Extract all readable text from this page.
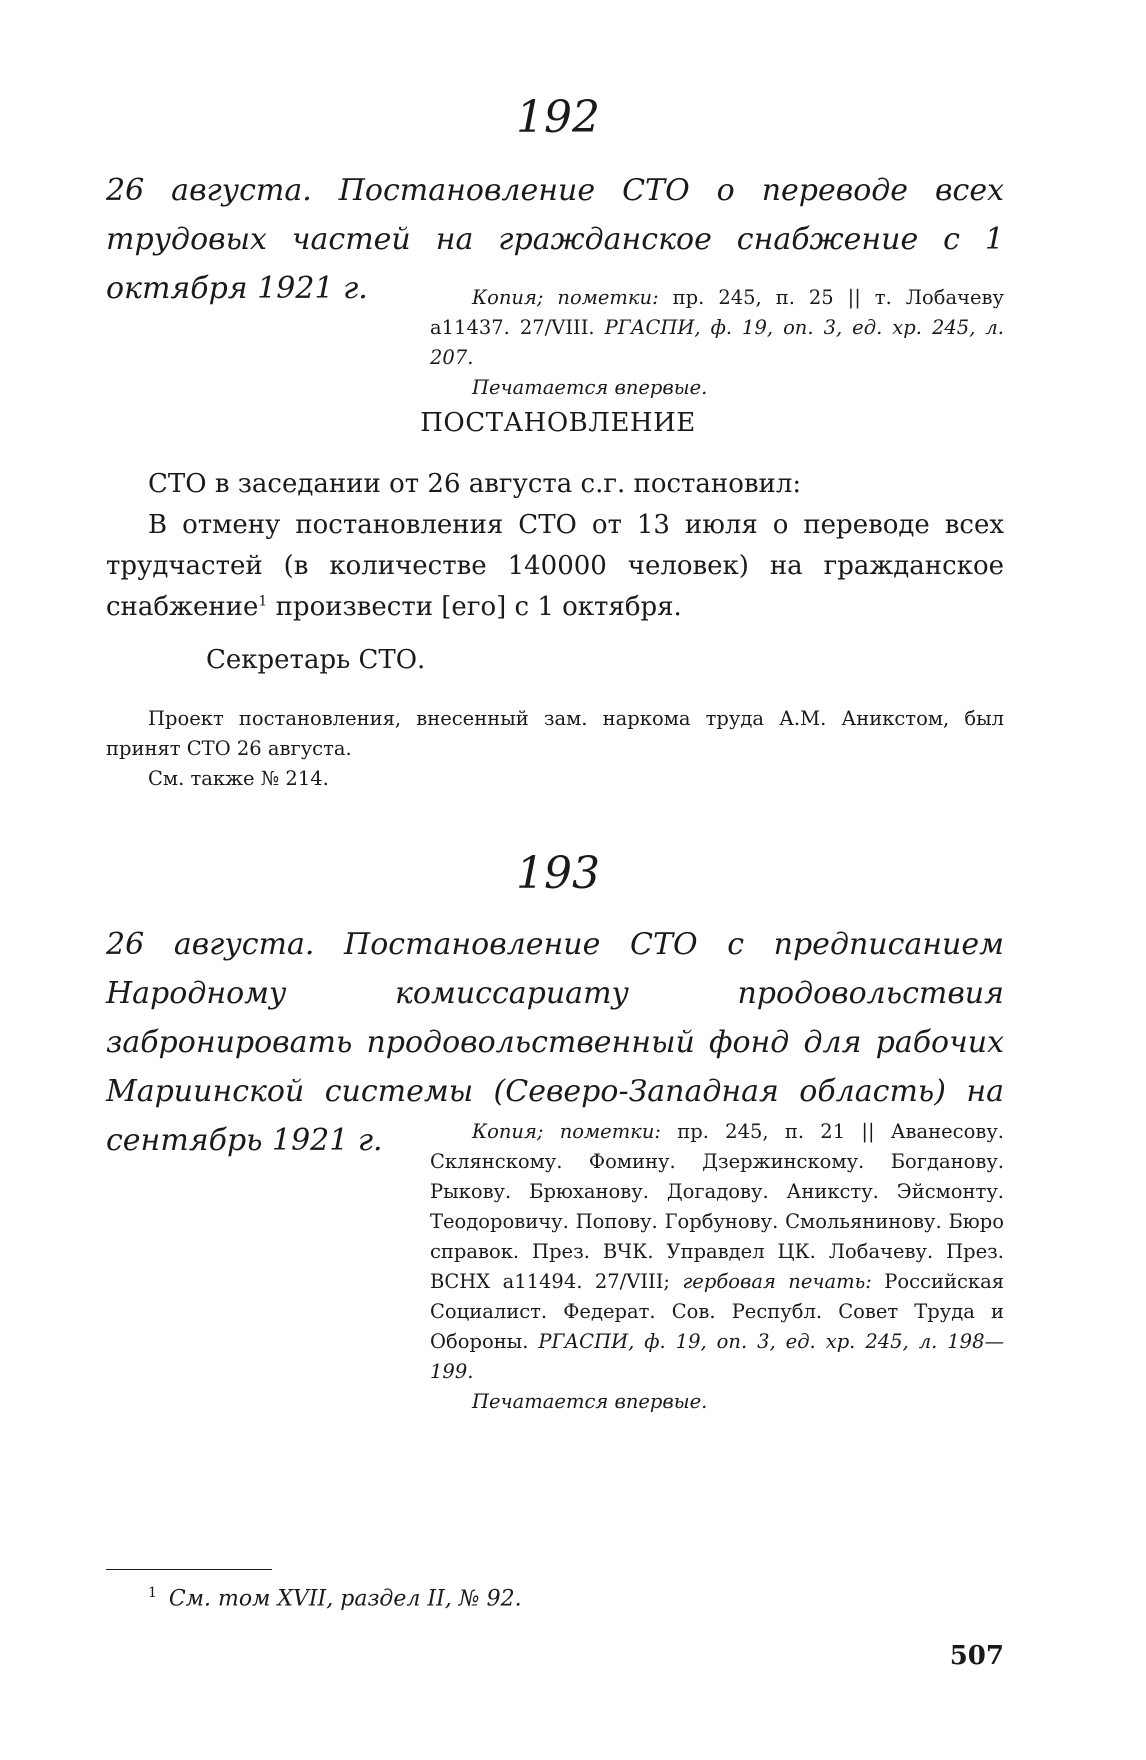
192

26 августа. Постановление СТО о переводе всех трудовых частей на гражданское снабжение с 1 октября 1921 г.	Копия; пометки: пр. 245, п. 25 || т. Лобачеву а11437. 27/VIII. РГАСПИ, ф. 19, оп. 3, ед. хр. 245, л. 207.

Печатается впервые.

ПОСТАНОВЛЕНИЕ

СТО в заседании от 26 августа с.г. постановил:

В отмену постановления СТО от 13 июля о переводе всех трудчастей (в количестве 140000 человек) на гражданское снабжение$^1$ произвести [его] с 1 октября.

Секретарь СТО.

Проект постановления, внесенный зам. наркома труда А.М. Аникстом, был принят СТО 26 августа.

См. также № 214.

193

26 августа. Постановление СТО с предписанием Народному комиссариату продовольствия забронировать продовольственный фонд для рабочих Мариинской системы (Северо-Западная область) на сентябрь 1921 г.	Копия; пометки: пр. 245, п. 21 || Аванесову. Склянскому. Фомину. Дзержинскому. Богданову. Рыкову. Брюханову. Догадову. Аниксту. Эйсмонту. Теодоровичу. Попову. Горбунову. Смольянинову. Бюро справок. През. ВЧК. Управдел ЦК. Лобачеву. През. ВСНХ а11494. 27/VIII; гербовая печать: Российская Социалист. Федерат. Сов. Республ. Совет Труда и Обороны. РГАСПИ, ф. 19, оп. 3, ед. хр. 245, л. 198—199.

Печатается впервые.

$^1$ См. том XVII, раздел II, № 92.
507
